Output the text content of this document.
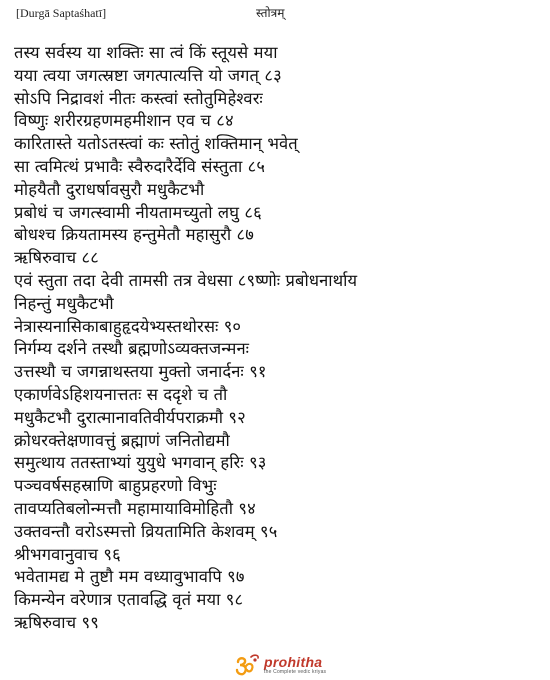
[Durgā Saptaśhatī]	स्तोत्रम्
तस्य सर्वस्य या शक्तिः सा त्वं किं स्तूयसे मया
यया त्वया जगत्स्रष्टा जगत्पात्यत्ति यो जगत् ८३
सोऽपि निद्रावशं नीतः कस्त्वां स्तोतुमिहेश्वरः
विष्णुः शरीरग्रहणमहमीशान एव च ८४
कारितास्ते यतोऽतस्त्वां कः स्तोतुं शक्तिमान् भवेत्
सा त्वमित्थं प्रभावैः स्वैरुदारैर्देवि संस्तुता ८५
मोहयैतौ दुराधर्षावसुरौ मधुकैटभौ
प्रबोधं च जगत्स्वामी नीयतामच्युतो लघु ८६
बोधश्च क्रियतामस्य हन्तुमेतौ महासुरौ ८७
ऋषिरुवाच ८८
एवं स्तुता तदा देवी तामसी तत्र वेधसा ८९ष्णोः प्रबोधनार्थाय
निहन्तुं मधुकैटभौ
नेत्रास्यनासिकाबाहुहृदयेभ्यस्तथोरसः ९०
निर्गम्य दर्शने तस्थौ ब्रह्मणोऽव्यक्तजन्मनः
उत्तस्थौ च जगन्नाथस्तया मुक्तो जनार्दनः ९१
एकार्णवेऽहिशयनात्ततः स ददृशे च तौ
मधुकैटभौ दुरात्मानावतिवीर्यपराक्रमौ ९२
क्रोधरक्तेक्षणावत्तुं ब्रह्माणं जनितोद्यमौ
समुत्थाय ततस्ताभ्यां युयुधे भगवान् हरिः ९३
पञ्चवर्षसहस्राणि बाहुप्रहरणो विभुः
तावप्यतिबलोन्मत्तौ महामायाविमोहितौ ९४
उक्तवन्तौ वरोऽस्मत्तो व्रियतामिति केशवम् ९५
श्रीभगवानुवाच ९६
भवेतामद्य मे तुष्टौ मम वध्यावुभावपि ९७
किमन्येन वरेणात्र एतावद्धि वृतं मया ९८
ऋषिरुवाच ९९
prohitha
the Complete vedic kriyas
